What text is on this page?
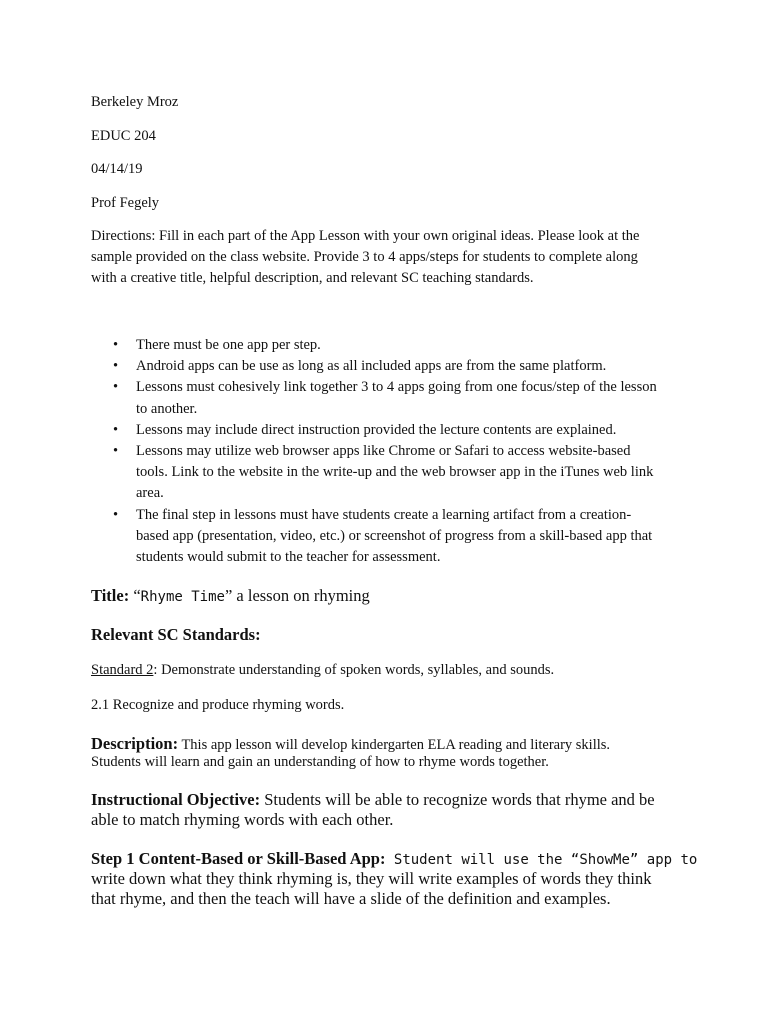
Berkeley Mroz

EDUC 204

04/14/19

Prof Fegely

Directions: Fill in each part of the App Lesson with your own original ideas. Please look at the

sample provided on the class website. Provide 3 to 4 apps/steps for students to complete along

with a creative title, helpful description, and relevant SC teaching standards.

• There must be one app per step.
• Android apps can be use as long as all included apps are from the same platform.
• Lessons must cohesively link together 3 to 4 apps going from one focus/step of the lesson
to another.
• Lessons may include direct instruction provided the lecture contents are explained.
• Lessons may utilize web browser apps like Chrome or Safari to access website-based
tools. Link to the website in the write-up and the web browser app in the iTunes web link
area.
• The final step in lessons must have students create a learning artifact from a creation-
based app (presentation, video, etc.) or screenshot of progress from a skill-based app that
students would submit to the teacher for assessment.

Title: “Rhyme Time” a lesson on rhyming

Relevant SC Standards:

Standard 2: Demonstrate understanding of spoken words, syllables, and sounds.

2.1 Recognize and produce rhyming words.

Description: This app lesson will develop kindergarten ELA reading and literary skills.

Students will learn and gain an understanding of how to rhyme words together.

Instructional Objective: Students will be able to recognize words that rhyme and be

able to match rhyming words with each other.

Step 1 Content-Based or Skill-Based App: Student will use the “ShowMe” app to

write down what they think rhyming is, they will write examples of words they think

that rhyme, and then the teach will have a slide of the definition and examples.
